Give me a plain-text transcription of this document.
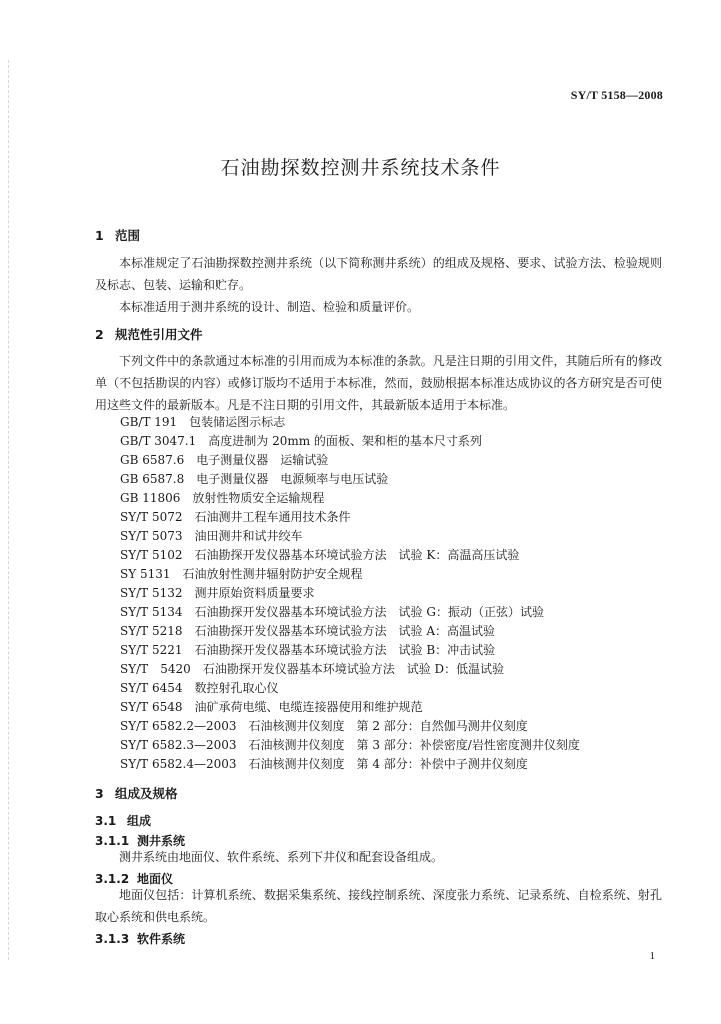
SY/T 5158—2008
石油勘探数控测井系统技术条件
1 范围
本标准规定了石油勘探数控测井系统（以下简称测井系统）的组成及规格、要求、试验方法、检验规则及标志、包装、运输和贮存。
本标准适用于测井系统的设计、制造、检验和质量评价。
2 规范性引用文件
下列文件中的条款通过本标准的引用而成为本标准的条款。凡是注日期的引用文件，其随后所有的修改单（不包括勘误的内容）或修订版均不适用于本标准，然而，鼓励根据本标准达成协议的各方研究是否可使用这些文件的最新版本。凡是不注日期的引用文件，其最新版本适用于本标准。
GB/T 191　包装储运图示标志
GB/T 3047.1　高度进制为 20mm 的面板、架和柜的基本尺寸系列
GB 6587.6　电子测量仪器　运输试验
GB 6587.8　电子测量仪器　电源频率与电压试验
GB 11806　放射性物质安全运输规程
SY/T 5072　石油测井工程车通用技术条件
SY/T 5073　油田测井和试井绞车
SY/T 5102　石油勘探开发仪器基本环境试验方法　试验 K：高温高压试验
SY 5131　石油放射性测井辐射防护安全规程
SY/T 5132　测井原始资料质量要求
SY/T 5134　石油勘探开发仪器基本环境试验方法　试验 G：振动（正弦）试验
SY/T 5218　石油勘探开发仪器基本环境试验方法　试验 A：高温试验
SY/T 5221　石油勘探开发仪器基本环境试验方法　试验 B：冲击试验
SY/T　5420　石油勘探开发仪器基本环境试验方法　试验 D：低温试验
SY/T 6454　数控射孔取心仪
SY/T 6548　油矿承荷电缆、电缆连接器使用和维护规范
SY/T 6582.2—2003　石油核测井仪刻度　第 2 部分：自然伽马测井仪刻度
SY/T 6582.3—2003　石油核测井仪刻度　第 3 部分：补偿密度/岩性密度测井仪刻度
SY/T 6582.4—2003　石油核测井仪刻度　第 4 部分：补偿中子测井仪刻度
3 组成及规格
3.1 组成
3.1.1 测井系统
测井系统由地面仪、软件系统、系列下井仪和配套设备组成。
3.1.2 地面仪
地面仪包括：计算机系统、数据采集系统、接线控制系统、深度张力系统、记录系统、自检系统、射孔取心系统和供电系统。
3.1.3 软件系统
1
